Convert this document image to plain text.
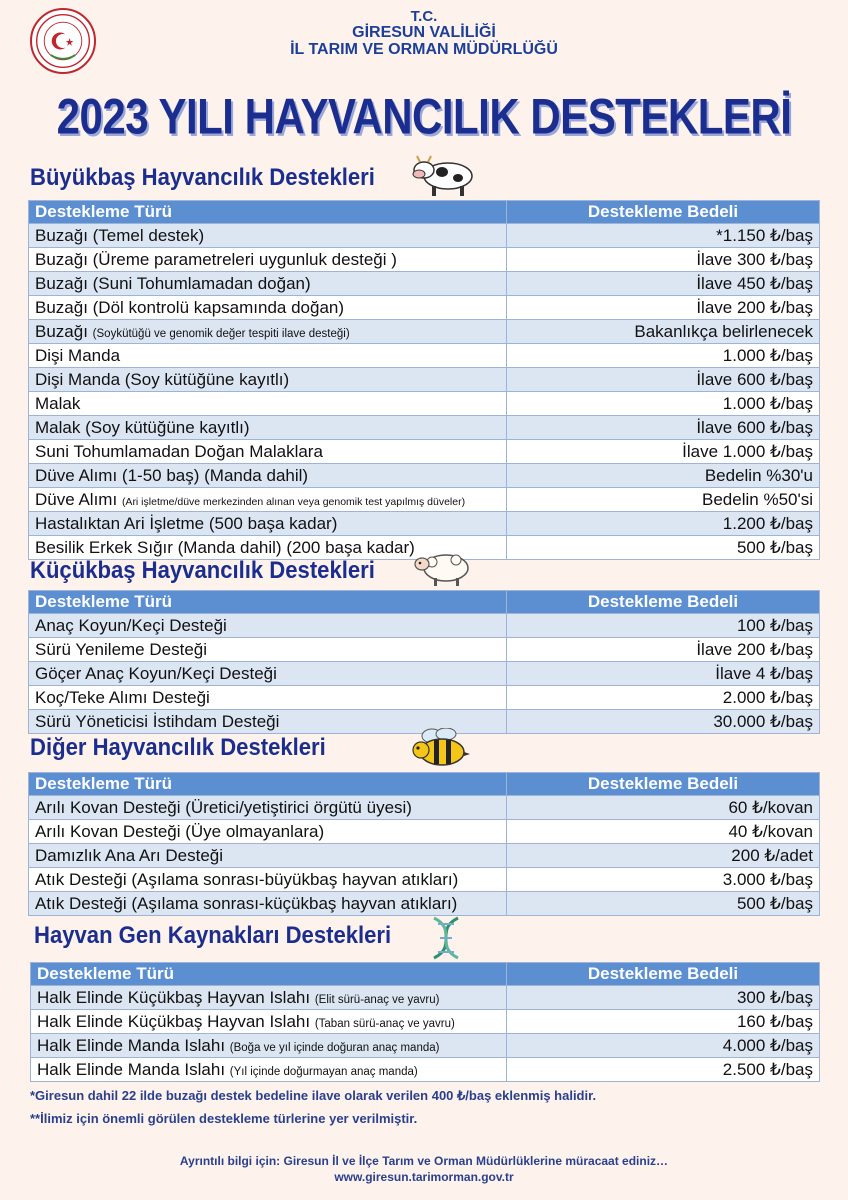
T.C.
GİRESUN VALİLİĞİ
İL TARIM VE ORMAN MÜDÜRLÜĞÜ
2023 YILI HAYVANCILIK DESTEKLERİ
Büyükbaş Hayvancılık Destekleri
Destekleme Türü	Destekleme Bedeli
Buzağı (Temel destek)	*1.150 ₺/baş
Buzağı (Üreme parametreleri uygunluk desteği )	İlave 300 ₺/baş
Buzağı (Suni Tohumlamadan doğan)	İlave 450 ₺/baş
Buzağı (Döl kontrolü kapsamında doğan)	İlave 200 ₺/baş
Buzağı (Soykütüğü ve genomik değer tespiti ilave desteği)	Bakanlıkça belirlenecek
Dişi Manda	1.000 ₺/baş
Dişi Manda (Soy kütüğüne kayıtlı)	İlave 600 ₺/baş
Malak	1.000 ₺/baş
Malak (Soy kütüğüne kayıtlı)	İlave 600 ₺/baş
Suni Tohumlamadan Doğan Malaklara	İlave 1.000 ₺/baş
Düve Alımı (1-50 baş) (Manda dahil)	Bedelin %30'u
Düve Alımı (Ari işletme/düve merkezinden alınan veya genomik test yapılmış düveler)	Bedelin %50'si
Hastalıktan Ari İşletme (500 başa kadar)	1.200 ₺/baş
Besilik Erkek Sığır (Manda dahil) (200 başa kadar)	500 ₺/baş
Küçükbaş Hayvancılık Destekleri
Destekleme Türü	Destekleme Bedeli
Anaç Koyun/Keçi Desteği	100 ₺/baş
Sürü Yenileme Desteği	İlave 200 ₺/baş
Göçer Anaç Koyun/Keçi Desteği	İlave 4 ₺/baş
Koç/Teke Alımı Desteği	2.000 ₺/baş
Sürü Yöneticisi İstihdam Desteği	30.000 ₺/baş
Diğer Hayvancılık Destekleri
Destekleme Türü	Destekleme Bedeli
Arılı Kovan Desteği (Üretici/yetiştirici örgütü üyesi)	60 ₺/kovan
Arılı Kovan Desteği (Üye olmayanlara)	40 ₺/kovan
Damızlık Ana Arı Desteği	200 ₺/adet
Atık Desteği (Aşılama sonrası-büyükbaş hayvan atıkları)	3.000 ₺/baş
Atık Desteği (Aşılama sonrası-küçükbaş hayvan atıkları)	500 ₺/baş
Hayvan Gen Kaynakları Destekleri
Destekleme Türü	Destekleme Bedeli
Halk Elinde Küçükbaş Hayvan Islahı (Elit sürü-anaç ve yavru)	300 ₺/baş
Halk Elinde Küçükbaş Hayvan Islahı (Taban sürü-anaç ve yavru)	160 ₺/baş
Halk Elinde Manda Islahı (Boğa ve yıl içinde doğuran anaç manda)	4.000 ₺/baş
Halk Elinde Manda Islahı (Yıl içinde doğurmayan anaç manda)	2.500 ₺/baş
*Giresun dahil 22 ilde buzağı destek bedeline ilave olarak verilen 400 ₺/baş eklenmiş halidir.
**İlimiz için önemli görülen destekleme türlerine yer verilmiştir.
Ayrıntılı bilgi için: Giresun İl ve İlçe Tarım ve Orman Müdürlüklerine müracaat ediniz…
www.giresun.tarimorman.gov.tr
